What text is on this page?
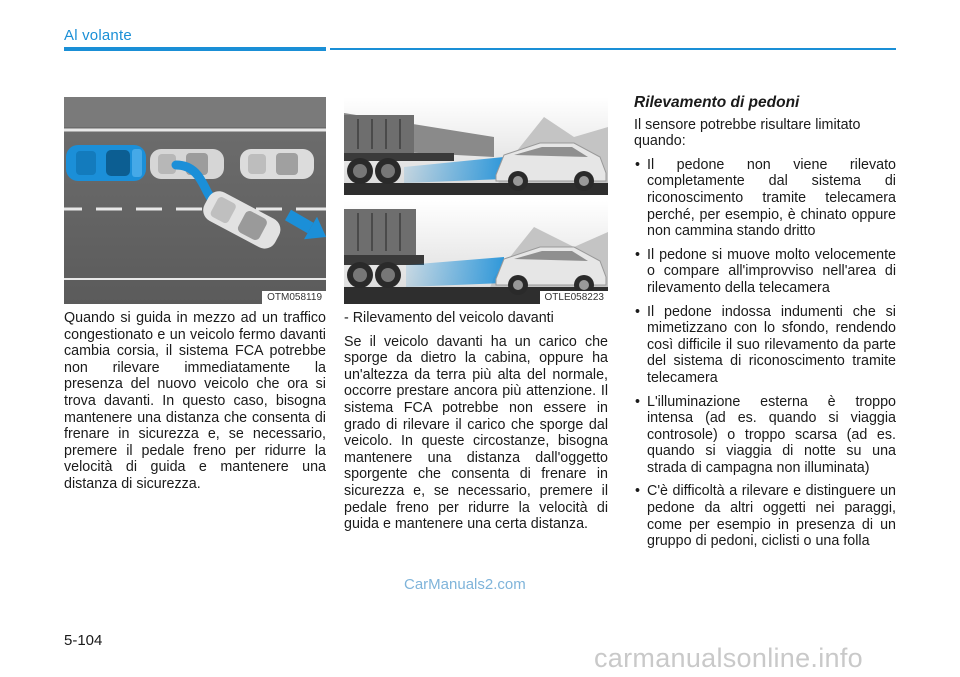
Al volante
OTM058119	OTLE058223

Quando si guida in mezzo ad un traffico congestionato e un veicolo fermo davanti cambia corsia, il sistema FCA potrebbe non rilevare immediatamente la presenza del nuovo veicolo che ora si trova davanti. In questo caso, bisogna mantenere una distanza che consenta di frenare in sicurezza e, se necessario, premere il pedale freno per ridurre la velocità di guida e mantenere una distanza di sicurezza.

- Rilevamento del veicolo davanti

Se il veicolo davanti ha un carico che sporge da dietro la cabina, oppure ha un'altezza da terra più alta del normale, occorre prestare ancora più attenzione. Il sistema FCA potrebbe non essere in grado di rilevare il carico che sporge dal veicolo. In queste circostanze, bisogna mantenere una distanza dall'oggetto sporgente che consenta di frenare in sicurezza e, se necessario, premere il pedale freno per ridurre la velocità di guida e mantenere una certa distanza.

Rilevamento di pedoni

Il sensore potrebbe risultare limitato quando:

• Il pedone non viene rilevato completamente dal sistema di riconoscimento tramite telecamera perché, per esempio, è chinato oppure non cammina stando dritto
• Il pedone si muove molto velocemente o compare all'improvviso nell'area di rilevamento della telecamera
• Il pedone indossa indumenti che si mimetizzano con lo sfondo, rendendo così difficile il suo rilevamento da parte del sistema di riconoscimento tramite telecamera
• L'illuminazione esterna è troppo intensa (ad es. quando si viaggia controsole) o troppo scarsa (ad es. quando si viaggia di notte su una strada di campagna non illuminata)
• C'è difficoltà a rilevare e distinguere un pedone da altri oggetti nei paraggi, come per esempio in presenza di un gruppo di pedoni, ciclisti o una folla
CarManuals2.com
5-104
carmanualsonline.info
